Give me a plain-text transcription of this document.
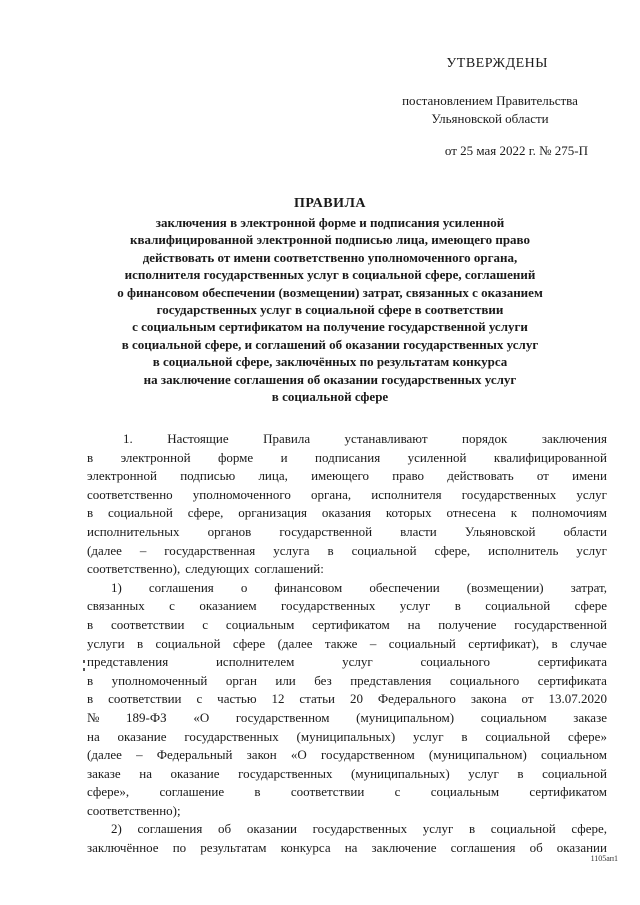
УТВЕРЖДЕНЫ
постановлением Правительства
Ульяновской области
от 25 мая 2022 г. № 275-П
ПРАВИЛА
заключения в электронной форме и подписания усиленной
квалифицированной электронной подписью лица, имеющего право
действовать от имени соответственно уполномоченного органа,
исполнителя государственных услуг в социальной сфере, соглашений
о финансовом обеспечении (возмещении) затрат, связанных с оказанием
государственных услуг в социальной сфере в соответствии
с социальным сертификатом на получение государственной услуги
в социальной сфере, и соглашений об оказании государственных услуг
в социальной сфере, заключённых по результатам конкурса
на заключение соглашения об оказании государственных услуг
в социальной сфере
1.	Настоящие	Правила	устанавливают	порядок	заключения
в электронной форме и подписания усиленной квалифицированной
электронной подписью лица, имеющего право действовать от имени
соответственно уполномоченного органа, исполнителя государственных услуг
в социальной сфере, организация оказания которых отнесена к полномочиям
исполнительных органов государственной власти Ульяновской области
(далее – государственная услуга в социальной сфере, исполнитель услуг
соответственно), следующих соглашений:
1) соглашения о финансовом обеспечении (возмещении) затрат,
связанных с оказанием государственных услуг в социальной сфере
в соответствии с социальным сертификатом на получение государственной
услуги в социальной сфере (далее также – социальный сертификат), в случае
представления	исполнителем	услуг	социального	сертификата
в уполномоченный орган или без представления социального сертификата
в соответствии с частью 12 статьи 20 Федерального закона от 13.07.2020
№ 189-ФЗ «О государственном (муниципальном) социальном заказе
на оказание государственных (муниципальных) услуг в социальной сфере»
(далее – Федеральный закон «О государственном (муниципальном) социальном
заказе на оказание государственных (муниципальных) услуг в социальной
сфере», соглашение в соответствии с социальным сертификатом
соответственно);
2) соглашения об оказании государственных услуг в социальной сфере,
заключённое по результатам конкурса на заключение соглашения об оказании
1105ап1
